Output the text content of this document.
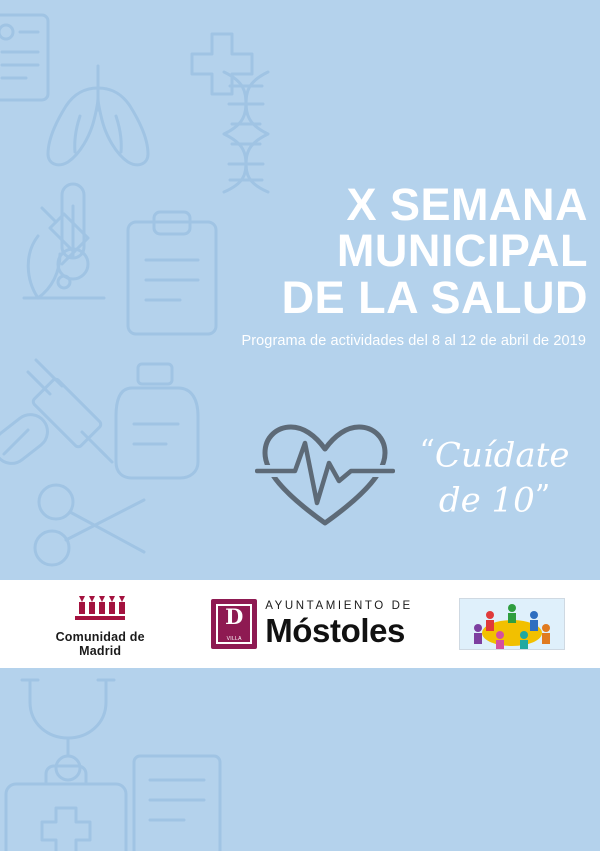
X SEMANA
MUNICIPAL
DE LA SALUD

Programa de actividades del 8 al 12 de abril de 2019

“Cuídate
de 10”
Comunidad de Madrid
D
VILLA
AYUNTAMIENTO DE
Móstoles
